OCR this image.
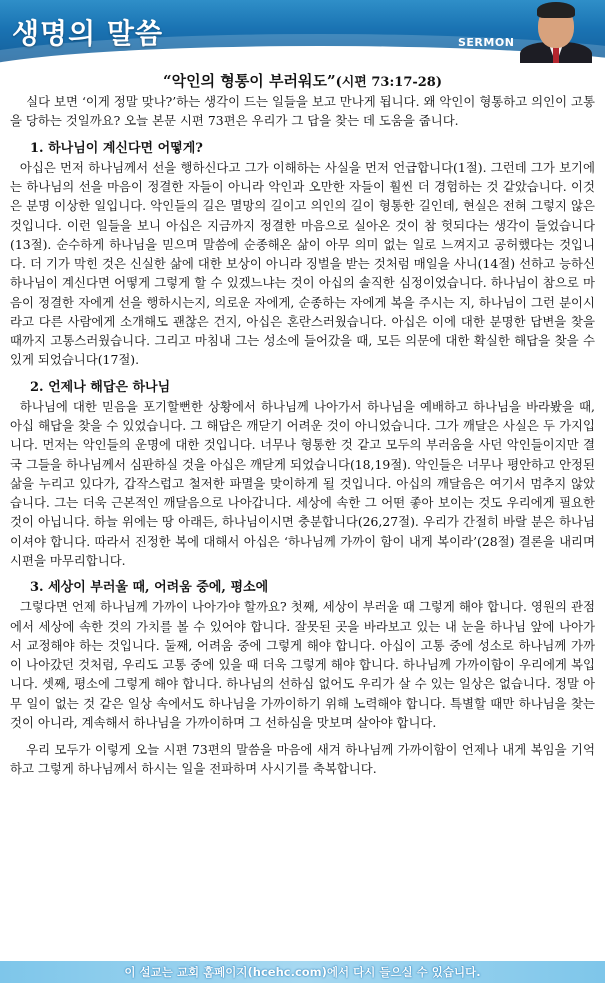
생명의 말씀	SERMON
“악인의 형통이 부러워도”(시편 73:17-28)

실다 보면 ‘이게 정말 맞나?’하는 생각이 드는 일들을 보고 만나게 됩니다. 왜 악인이 형통하고 의인이 고통을 당하는 것일까요? 오늘 본문 시편 73편은 우리가 그 답을 찾는 데 도움을 줍니다.

1. 하나님이 계신다면 어떻게?

아십은 먼저 하나님께서 선을 행하신다고 그가 이해하는 사실을 먼저 언급합니다(1절). 그런데 그가 보기에는 하나님의 선을 마음이 정결한 자들이 아니라 악인과 오만한 자들이 훨씬 더 경험하는 것 같았습니다. 이것은 분명 이상한 일입니다. 악인들의 길은 멸망의 길이고 의인의 길이 형통한 길인데, 현실은 전혀 그렇지 않은 것입니다. 이런 일들을 보니 아십은 지금까지 정결한 마음으로 실아온 것이 참 헛되다는 생각이 들었습니다(13절). 순수하게 하나님을 믿으며 말씀에 순종해온 삶이 아무 의미 없는 일로 느껴지고 공허했다는 것입니다. 더 기가 막힌 것은 신실한 삶에 대한 보상이 아니라 징벌을 받는 것처럼 매일을 사니(14절) 선하고 능하신 하나님이 계신다면 어떻게 그렇게 할 수 있겠느냐는 것이 아십의 솔직한 심정이었습니다. 하나님이 참으로 마음이 정결한 자에게 선을 행하시는지, 의로운 자에게, 순종하는 자에게 복을 주시는 지, 하나님이 그런 분이시라고 다른 사람에게 소개해도 괜찮은 건지, 아십은 혼란스러웠습니다. 아십은 이에 대한 분명한 답변을 찾을 때까지 고통스러웠습니다. 그리고 마침내 그는 성소에 들어갔을 때, 모든 의문에 대한 확실한 해답을 찾을 수 있게 되었습니다(17절).

2. 언제나 해답은 하나님

하나님에 대한 믿음을 포기할뻔한 상황에서 하나님께 나아가서 하나님을 예배하고 하나님을 바라봤을 때, 아십 해답을 찾을 수 있었습니다. 그 해답은 깨닫기 어려운 것이 아니었습니다. 그가 깨달은 사실은 두 가지입니다. 먼저는 악인들의 운명에 대한 것입니다. 너무나 형통한 것 같고 모두의 부러움을 사던 악인들이지만 결국 그들을 하나님께서 심판하실 것을 아십은 깨닫게 되었습니다(18,19절). 악인들은 너무나 평안하고 안정된 삶을 누리고 있다가, 갑작스럽고 철저한 파멸을 맞이하게 될 것입니다. 아십의 깨달음은 여기서 멈추지 않았습니다. 그는 더욱 근본적인 깨달음으로 나아갑니다. 세상에 속한 그 어떤 좋아 보이는 것도 우리에게 필요한 것이 아닙니다. 하늘 위에는 땅 아래든, 하나님이시면 충분합니다(26,27절). 우리가 간절히 바랄 분은 하나님이셔야 합니다. 따라서 진정한 복에 대해서 아십은 ‘하나님께 가까이 함이 내게 복이라’(28절) 결론을 내리며 시편을 마무리합니다.

3. 세상이 부러울 때, 어려움 중에, 평소에

그렇다면 언제 하나님께 가까이 나아가야 할까요? 첫째, 세상이 부러울 때 그렇게 해야 합니다. 영원의 관점에서 세상에 속한 것의 가치를 볼 수 있어야 합니다. 잘못된 곳을 바라보고 있는 내 눈을 하나님 앞에 나아가서 교정해야 하는 것입니다. 둘째, 어려움 중에 그렇게 해야 합니다. 아십이 고통 중에 성소로 하나님께 가까이 나아갔던 것처럼, 우리도 고통 중에 있을 때 더욱 그렇게 해야 합니다. 하나님께 가까이함이 우리에게 복입니다. 셋째, 평소에 그렇게 해야 합니다. 하나님의 선하심 없어도 우리가 살 수 있는 일상은 없습니다. 정말 아무 일이 없는 것 같은 일상 속에서도 하나님을 가까이하기 위해 노력해야 합니다. 특별할 때만 하나님을 찾는 것이 아니라, 계속해서 하나님을 가까이하며 그 선하심을 맛보며 살아야 합니다.

우리 모두가 이렇게 오늘 시편 73편의 말씀을 마음에 새겨 하나님께 가까이함이 언제나 내게 복임을 기억하고 그렇게 하나님께서 하시는 일을 전파하며 사시기를 축복합니다.

이 설교는 교회 홈페이지(hcehc.com)에서 다시 들으실 수 있습니다.
